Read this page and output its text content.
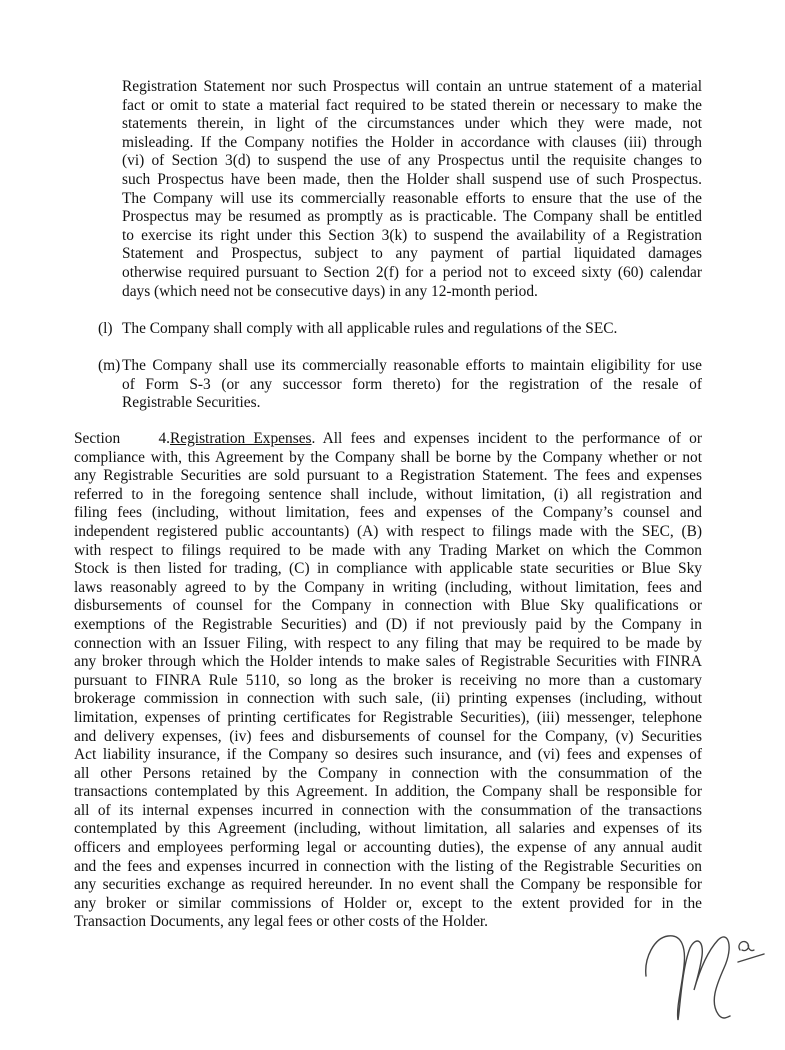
Registration Statement nor such Prospectus will contain an untrue statement of a material
fact or omit to state a material fact required to be stated therein or necessary to make the
statements therein, in light of the circumstances under which they were made, not
misleading. If the Company notifies the Holder in accordance with clauses (iii) through
(vi) of Section 3(d) to suspend the use of any Prospectus until the requisite changes to
such Prospectus have been made, then the Holder shall suspend use of such Prospectus.
The Company will use its commercially reasonable efforts to ensure that the use of the
Prospectus may be resumed as promptly as is practicable. The Company shall be entitled
to exercise its right under this Section 3(k) to suspend the availability of a Registration
Statement and Prospectus, subject to any payment of partial liquidated damages
otherwise required pursuant to Section 2(f) for a period not to exceed sixty (60) calendar
days (which need not be consecutive days) in any 12-month period.
(l) The Company shall comply with all applicable rules and regulations of the SEC.
(m) The Company shall use its commercially reasonable efforts to maintain eligibility for use
of Form S-3 (or any successor form thereto) for the registration of the resale of
Registrable Securities.
Section 4.Registration Expenses. All fees and expenses incident to the performance of or
compliance with, this Agreement by the Company shall be borne by the Company whether or not
any Registrable Securities are sold pursuant to a Registration Statement. The fees and expenses
referred to in the foregoing sentence shall include, without limitation, (i) all registration and
filing fees (including, without limitation, fees and expenses of the Company’s counsel and
independent registered public accountants) (A) with respect to filings made with the SEC, (B)
with respect to filings required to be made with any Trading Market on which the Common
Stock is then listed for trading, (C) in compliance with applicable state securities or Blue Sky
laws reasonably agreed to by the Company in writing (including, without limitation, fees and
disbursements of counsel for the Company in connection with Blue Sky qualifications or
exemptions of the Registrable Securities) and (D) if not previously paid by the Company in
connection with an Issuer Filing, with respect to any filing that may be required to be made by
any broker through which the Holder intends to make sales of Registrable Securities with FINRA
pursuant to FINRA Rule 5110, so long as the broker is receiving no more than a customary
brokerage commission in connection with such sale, (ii) printing expenses (including, without
limitation, expenses of printing certificates for Registrable Securities), (iii) messenger, telephone
and delivery expenses, (iv) fees and disbursements of counsel for the Company, (v) Securities
Act liability insurance, if the Company so desires such insurance, and (vi) fees and expenses of
all other Persons retained by the Company in connection with the consummation of the
transactions contemplated by this Agreement. In addition, the Company shall be responsible for
all of its internal expenses incurred in connection with the consummation of the transactions
contemplated by this Agreement (including, without limitation, all salaries and expenses of its
officers and employees performing legal or accounting duties), the expense of any annual audit
and the fees and expenses incurred in connection with the listing of the Registrable Securities on
any securities exchange as required hereunder. In no event shall the Company be responsible for
any broker or similar commissions of Holder or, except to the extent provided for in the
Transaction Documents, any legal fees or other costs of the Holder.
